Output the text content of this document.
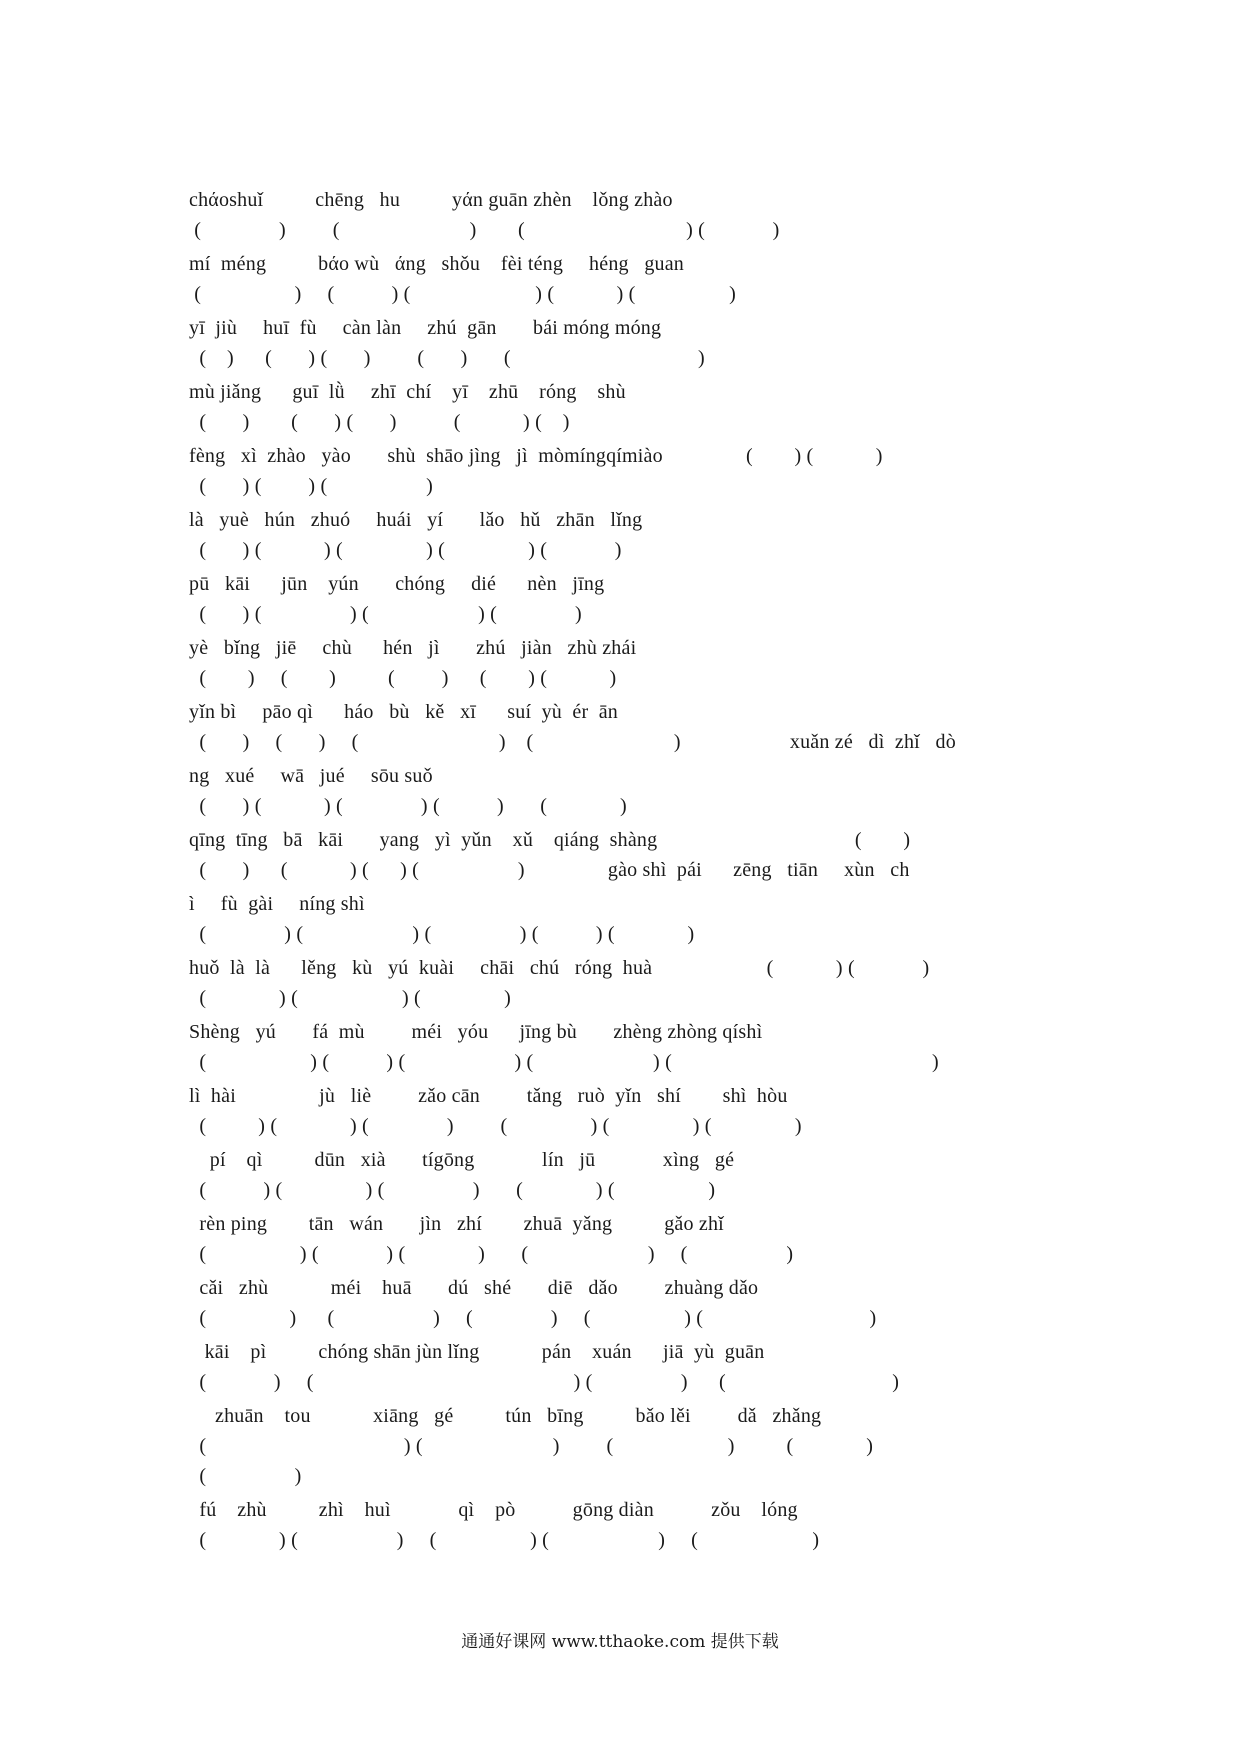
chάoshuǐ          chēng   hu          yάn guān zhèn    lǒng zhào
(               )         (                         )        (                               ) (             )
mí  méng          bάo wù   άng   shǒu    fèi téng     héng   guan
(                  )     (           ) (                        ) (            ) (                  )
yī  jiù     huī  fù     càn làn     zhú  gān       bái móng móng
(    )      (       ) (       )         (       )       (                                    )
mù jiǎng      guī  lǜ     zhī  chí    yī    zhū    róng    shù
(       )        (       ) (       )           (            ) (    )
fèng   xì  zhào   yào       shù  shāo jìng   jì  mòmíngqímiào                (        ) (            )
(       ) (         ) (                   )
là   yuè   hún   zhuó     huái   yí       lǎo   hǔ   zhān   lǐng
(       ) (            ) (                ) (                ) (             )
pū   kāi      jūn    yún       chóng     dié      nèn   jīng
(       ) (                 ) (                     ) (               )
yè   bǐng   jiē     chù      hén   jì       zhú   jiàn   zhù zhái
(        )     (        )          (         )      (        ) (            )
yǐn bì     pāo qì      háo   bù   kě   xī      suí  yù  ér  ān
(       )     (       )     (                           )    (                           )                     xuǎn zé   dì  zhǐ   dò
ng   xué     wā   jué     sōu suǒ
(       ) (            ) (               ) (           )       (              )
qīng  tīng   bā   kāi       yang   yì  yǔn    xǔ    qiáng  shàng                                      (        )
(       )      (            ) (      ) (                   )                gào shì  pái      zēng   tiān     xùn   ch
ì     fù  gài     níng shì
(               ) (                     ) (                 ) (           ) (              )
huǒ  là  là      lěng   kù   yú  kuài     chāi   chú   róng  huà                      (            ) (             )
(              ) (                    ) (                )
Shèng   yú       fá  mù         méi   yóu      jīng bù       zhèng zhòng qíshì
(                    ) (           ) (                     ) (                       ) (                                                  )
lì  hài                jù   liè         zǎo cān         tǎng   ruò  yǐn   shí        shì  hòu
(          ) (              ) (               )         (                ) (                ) (                )
pí    qì          dūn   xià       tígōng             lín   jū             xìng   gé
(           ) (                ) (                 )       (              ) (                  )
rèn ping        tān   wán       jìn   zhí        zhuā  yǎng          gǎo zhǐ
(                  ) (             ) (              )       (                       )     (                   )
cǎi   zhù            méi    huā       dú   shé       diē   dǎo         zhuàng dǎo
(                )      (                   )     (               )     (                  ) (                                )
kāi    pì          chóng shān jùn lǐng            pán    xuán      jiā  yù  guān
(             )     (                                                  ) (                 )      (                                )
zhuān    tou            xiāng   gé          tún   bīng          bǎo lěi         dǎ   zhǎng
(                                      ) (                         )         (                      )          (              )
(                 )
fú    zhù          zhì    huì             qì    pò           gōng diàn           zǒu    lóng
(              ) (                   )     (                  ) (                     )     (                      )
通通好课网 www.tthaoke.com 提供下载
